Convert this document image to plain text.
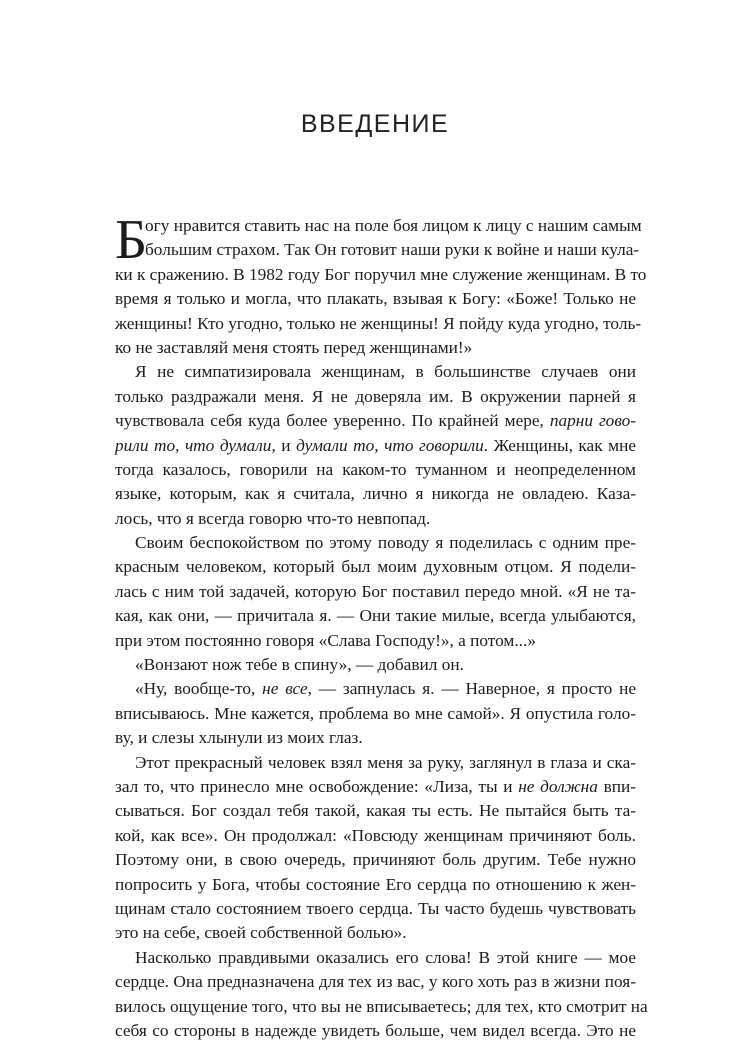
ВВЕДЕНИЕ
Б
огу нравится ставить нас на поле боя лицом к лицу с нашим самым
большим страхом. Так Он готовит наши руки к войне и наши кула-
ки к сражению. В 1982 году Бог поручил мне служение женщинам. В то
время я только и могла, что плакать, взывая к Богу: «Боже! Только не
женщины! Кто угодно, только не женщины! Я пойду куда угодно, толь-
ко не заставляй меня стоять перед женщинами!»
Я не симпатизировала женщинам, в большинстве случаев они
только раздражали меня. Я не доверяла им. В окружении парней я
чувствовала себя куда более уверенно. По крайней мере, парни гово-
рили то, что думали, и думали то, что говорили. Женщины, как мне
тогда казалось, говорили на каком-то туманном и неопределенном
языке, которым, как я считала, лично я никогда не овладею. Каза-
лось, что я всегда говорю что-то невпопад.
Своим беспокойством по этому поводу я поделилась с одним пре-
красным человеком, который был моим духовным отцом. Я подели-
лась с ним той задачей, которую Бог поставил передо мной. «Я не та-
кая, как они, — причитала я. — Они такие милые, всегда улыбаются,
при этом постоянно говоря «Слава Господу!», а потом...»
«Вонзают нож тебе в спину», — добавил он.
«Ну, вообще-то, не все, — запнулась я. — Наверное, я просто не
вписываюсь. Мне кажется, проблема во мне самой». Я опустила голо-
ву, и слезы хлынули из моих глаз.
Этот прекрасный человек взял меня за руку, заглянул в глаза и ска-
зал то, что принесло мне освобождение: «Лиза, ты и не должна впи-
сываться. Бог создал тебя такой, какая ты есть. Не пытайся быть та-
кой, как все». Он продолжал: «Повсюду женщинам причиняют боль.
Поэтому они, в свою очередь, причиняют боль другим. Тебе нужно
попросить у Бога, чтобы состояние Его сердца по отношению к жен-
щинам стало состоянием твоего сердца. Ты часто будешь чувствовать
это на себе, своей собственной болью».
Насколько правдивыми оказались его слова! В этой книге — мое
сердце. Она предназначена для тех из вас, у кого хоть раз в жизни поя-
вилось ощущение того, что вы не вписываетесь; для тех, кто смотрит на
себя со стороны в надежде увидеть больше, чем видел всегда. Это не
